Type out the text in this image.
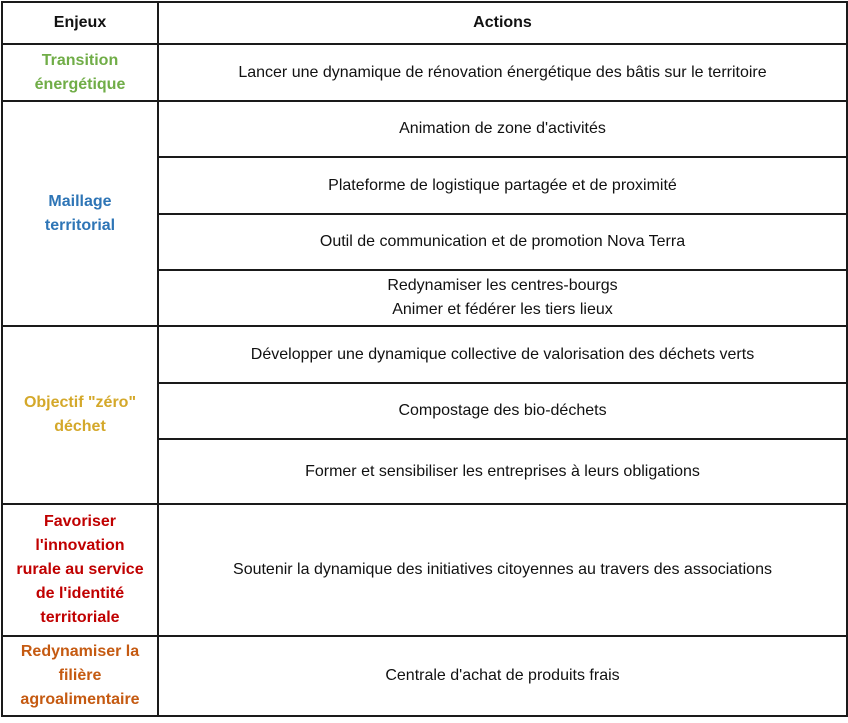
Enjeux	Actions

Transition
énergétique	Lancer une dynamique de rénovation énergétique des bâtis sur le territoire

Maillage
territorial	Animation de zone d'activités

	Plateforme de logistique partagée et de proximité

	Outil de communication et de promotion Nova Terra

	Redynamiser les centres-bourgs
Animer et fédérer les tiers lieux

Objectif "zéro"
déchet	Développer une dynamique collective de valorisation des déchets verts

	Compostage des bio-déchets

	Former et sensibiliser les entreprises à leurs obligations

Favoriser
l'innovation
rurale au service
de l'identité
territoriale	Soutenir la dynamique des initiatives citoyennes au travers des associations

Redynamiser la
filière
agroalimentaire	Centrale d'achat de produits frais
